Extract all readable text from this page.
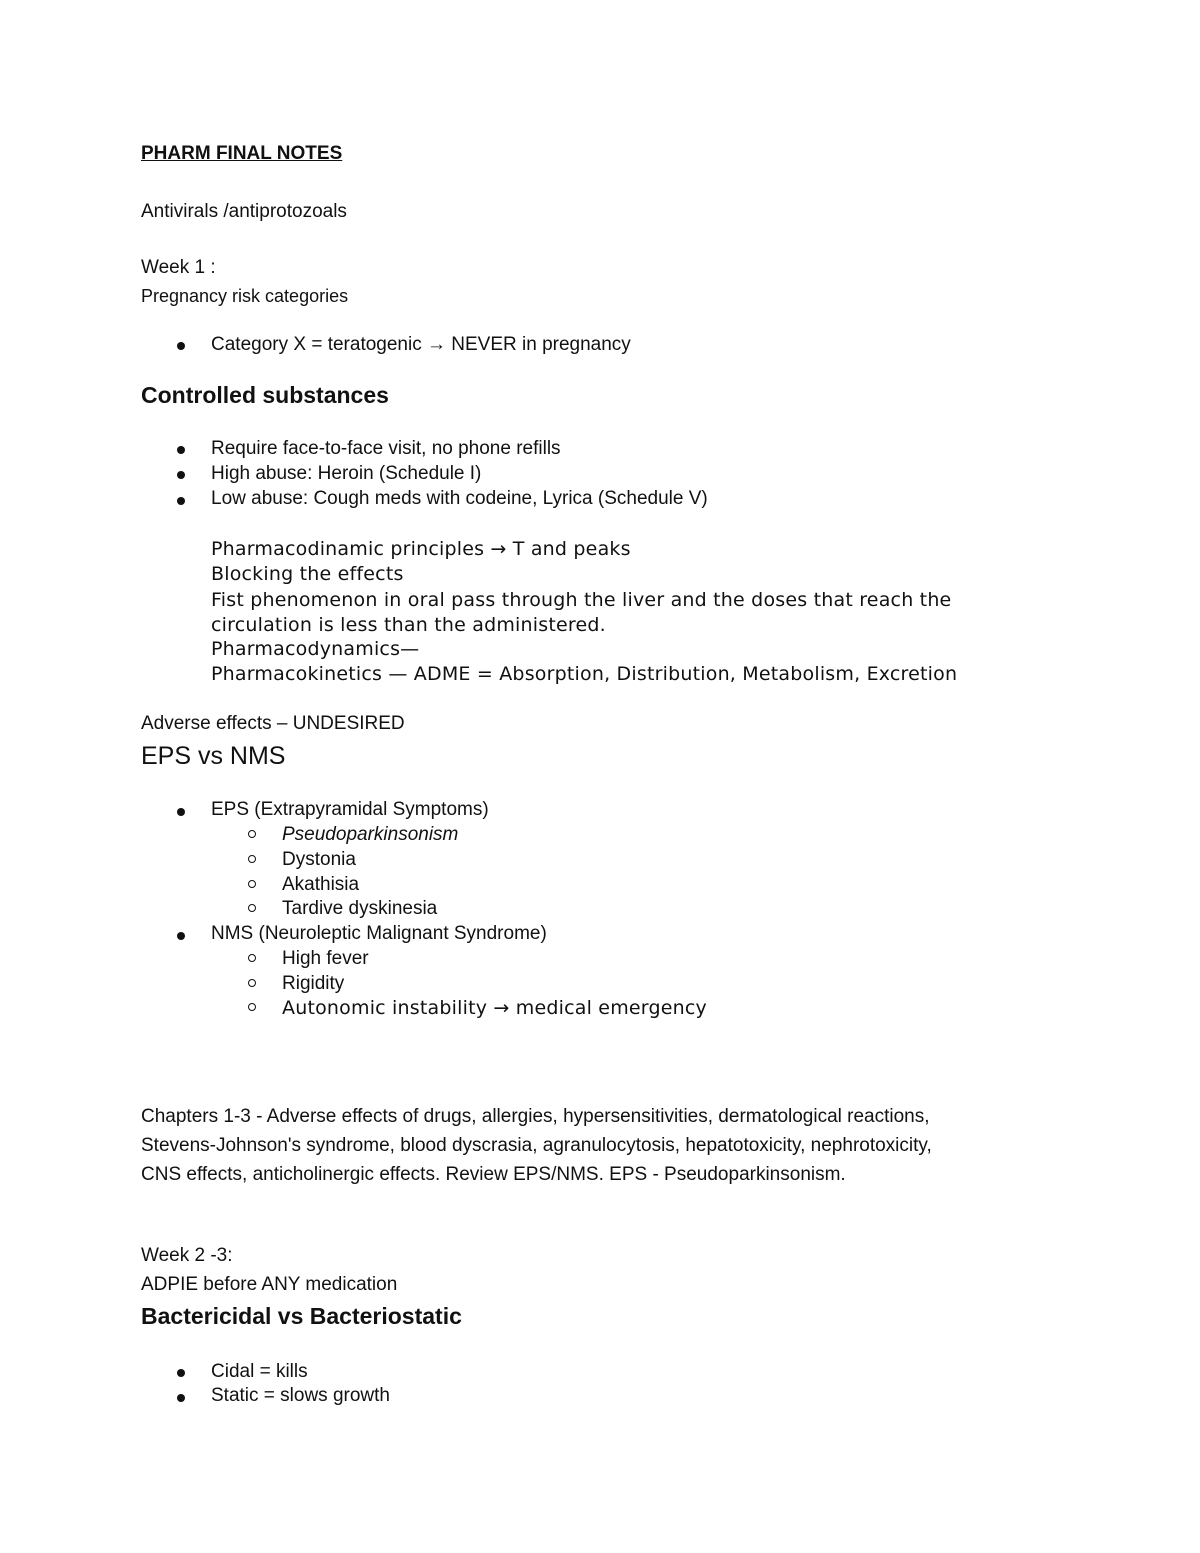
PHARM FINAL NOTES
Antivirals /antiprotozoals
Week 1 :
Pregnancy risk categories
Category X = teratogenic → NEVER in pregnancy
Controlled substances
Require face-to-face visit, no phone refills
High abuse: Heroin (Schedule I)
Low abuse: Cough meds with codeine, Lyrica (Schedule V)
Pharmacodinamic principles → T and peaks
Blocking the effects
Fist phenomenon in oral pass through the liver and the doses that reach the
circulation is less than the administered.
Pharmacodynamics—
Pharmacokinetics — ADME = Absorption, Distribution, Metabolism, Excretion
Adverse effects – UNDESIRED
EPS vs NMS
EPS (Extrapyramidal Symptoms)
Pseudoparkinsonism
Dystonia
Akathisia
Tardive dyskinesia
NMS (Neuroleptic Malignant Syndrome)
High fever
Rigidity
Autonomic instability → medical emergency
Chapters 1-3 - Adverse effects of drugs, allergies, hypersensitivities, dermatological reactions,
Stevens-Johnson's syndrome, blood dyscrasia, agranulocytosis, hepatotoxicity, nephrotoxicity,
CNS effects, anticholinergic effects. Review EPS/NMS. EPS - Pseudoparkinsonism.
Week 2 -3:
ADPIE before ANY medication
Bactericidal vs Bacteriostatic
Cidal = kills
Static = slows growth
